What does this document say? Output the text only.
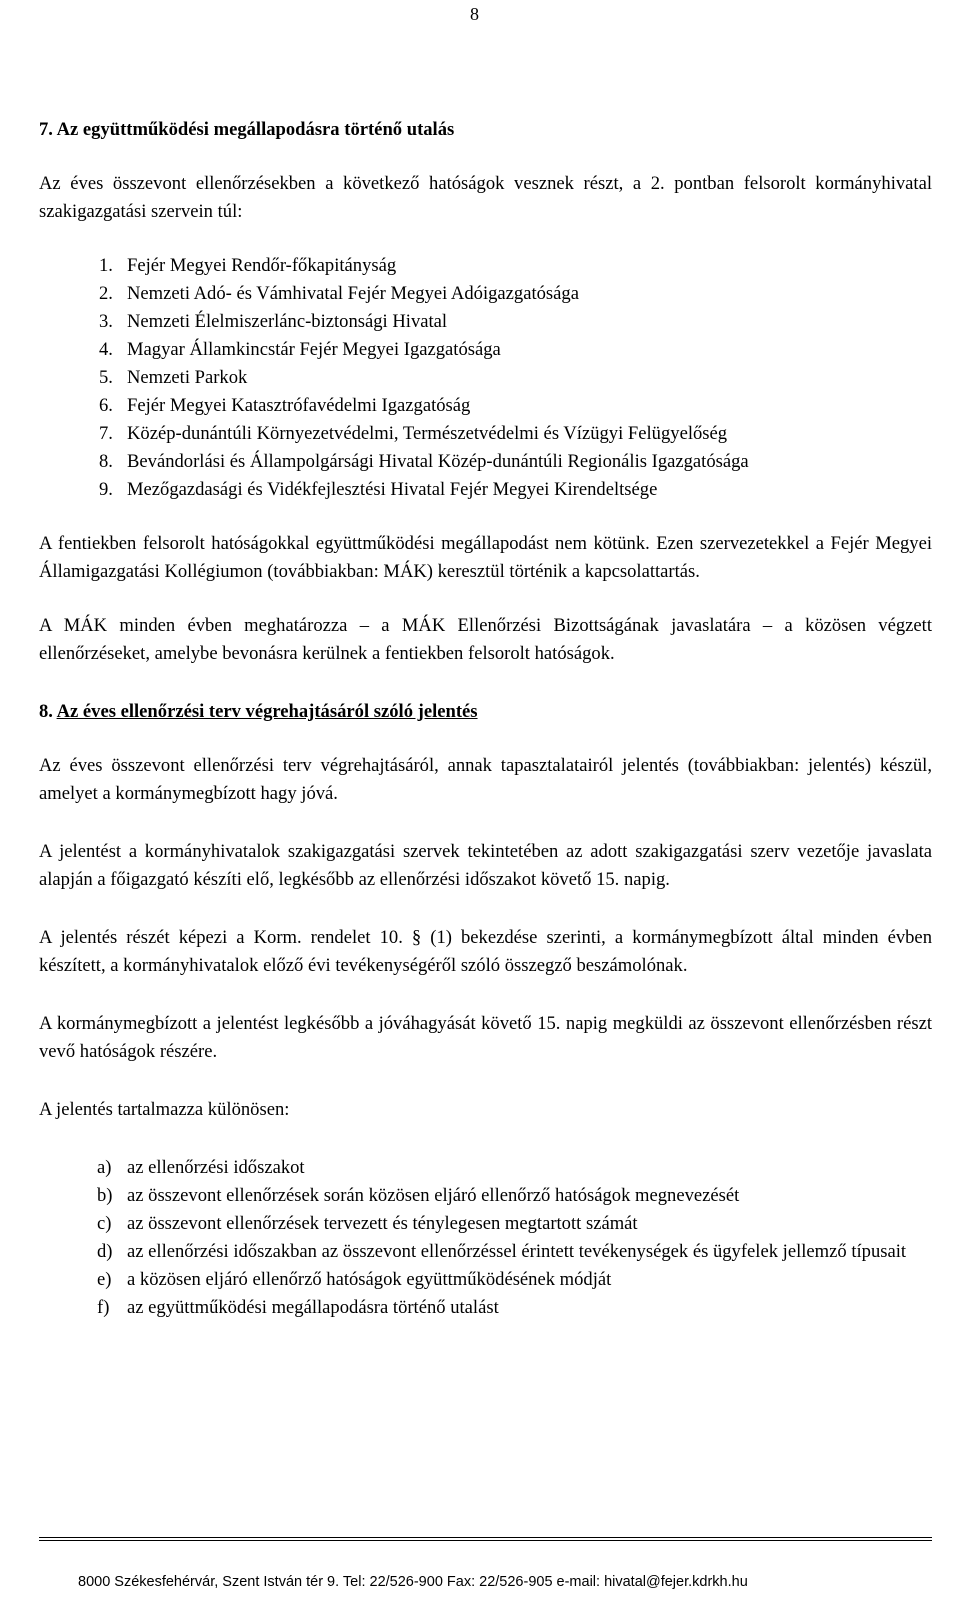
8
7. Az együttműködési megállapodásra történő utalás

Az éves összevont ellenőrzésekben a következő hatóságok vesznek részt, a 2. pontban felsorolt kormányhivatal szakigazgatási szervein túl:

1. Fejér Megyei Rendőr-főkapitányság
2. Nemzeti Adó- és Vámhivatal Fejér Megyei Adóigazgatósága
3. Nemzeti Élelmiszerlánc-biztonsági Hivatal
4. Magyar Államkincstár Fejér Megyei Igazgatósága
5. Nemzeti Parkok
6. Fejér Megyei Katasztrófavédelmi Igazgatóság
7. Közép-dunántúli Környezetvédelmi, Természetvédelmi és Vízügyi Felügyelőség
8. Bevándorlási és Állampolgársági Hivatal Közép-dunántúli Regionális Igazgatósága
9. Mezőgazdasági és Vidékfejlesztési Hivatal Fejér Megyei Kirendeltsége

A fentiekben felsorolt hatóságokkal együttműködési megállapodást nem kötünk. Ezen szervezetekkel a Fejér Megyei Államigazgatási Kollégiumon (továbbiakban: MÁK) keresztül történik a kapcsolattartás.

A MÁK minden évben meghatározza – a MÁK Ellenőrzési Bizottságának javaslatára – a közösen végzett ellenőrzéseket, amelybe bevonásra kerülnek a fentiekben felsorolt hatóságok.

8. Az éves ellenőrzési terv végrehajtásáról szóló jelentés

Az éves összevont ellenőrzési terv végrehajtásáról, annak tapasztalatairól jelentés (továbbiakban: jelentés) készül, amelyet a kormánymegbízott hagy jóvá.

A jelentést a kormányhivatalok szakigazgatási szervek tekintetében az adott szakigazgatási szerv vezetője javaslata alapján a főigazgató készíti elő, legkésőbb az ellenőrzési időszakot követő 15. napig.

A jelentés részét képezi a Korm. rendelet 10. § (1) bekezdése szerinti, a kormánymegbízott által minden évben készített, a kormányhivatalok előző évi tevékenységéről szóló összegző beszámolónak.

A kormánymegbízott a jelentést legkésőbb a jóváhagyását követő 15. napig megküldi az összevont ellenőrzésben részt vevő hatóságok részére.

A jelentés tartalmazza különösen:

a) az ellenőrzési időszakot
b) az összevont ellenőrzések során közösen eljáró ellenőrző hatóságok megnevezését
c) az összevont ellenőrzések tervezett és ténylegesen megtartott számát
d) az ellenőrzési időszakban az összevont ellenőrzéssel érintett tevékenységek és ügyfelek jellemző típusait
e) a közösen eljáró ellenőrző hatóságok együttműködésének módját
f) az együttműködési megállapodásra történő utalást
8000 Székesfehérvár, Szent István tér 9. Tel: 22/526-900 Fax: 22/526-905 e-mail: hivatal@fejer.kdrkh.hu
